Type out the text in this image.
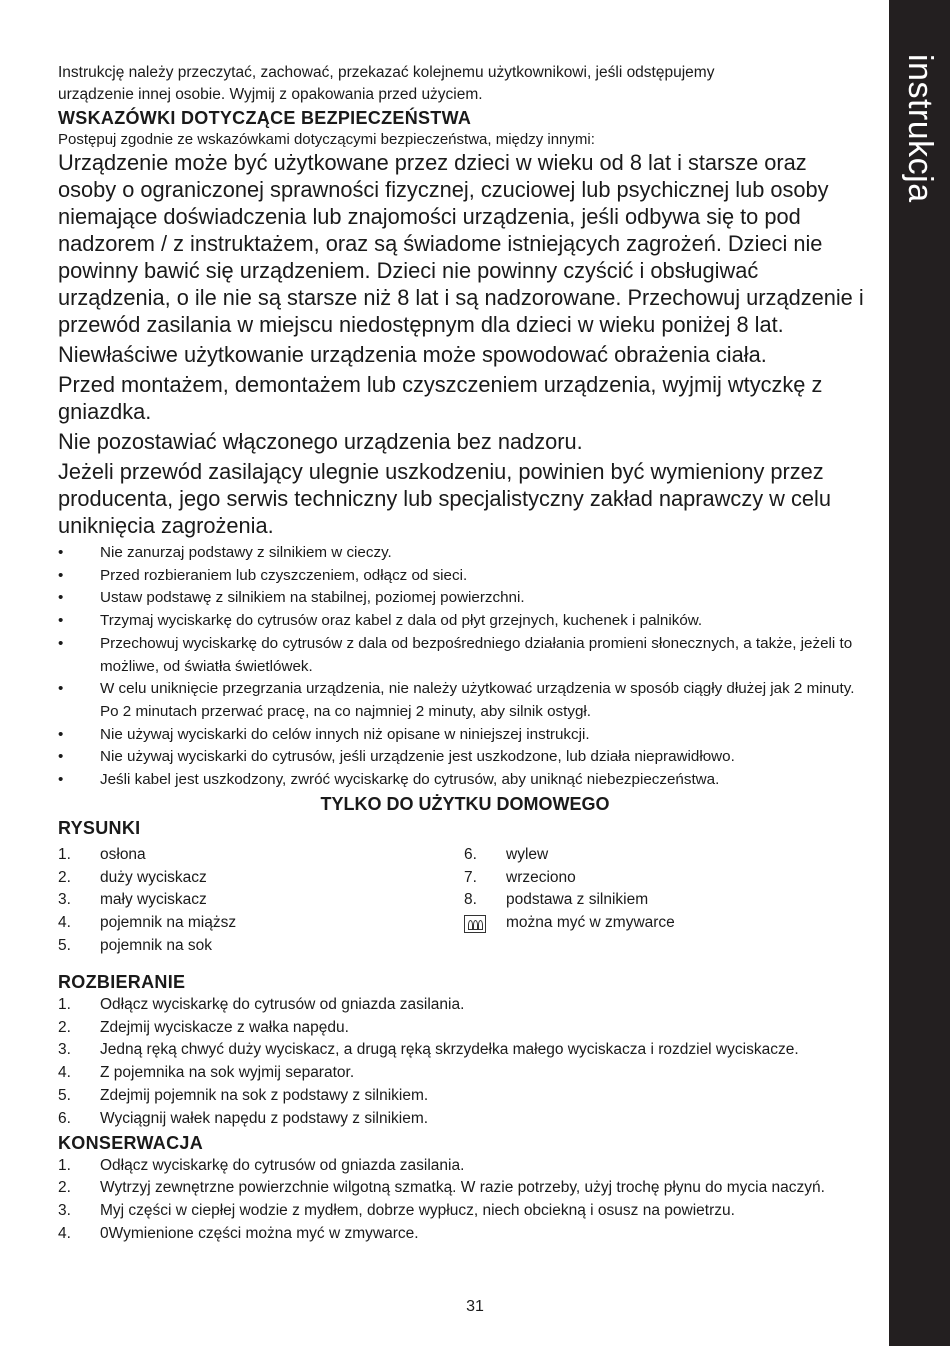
instrukcja

Instrukcję należy przeczytać, zachować, przekazać kolejnemu użytkownikowi, jeśli odstępujemy

urządzenie innej osobie. Wyjmij z opakowania przed użyciem.

WSKAZÓWKI DOTYCZĄCE BEZPIECZEŃSTWA

Postępuj zgodnie ze wskazówkami dotyczącymi bezpieczeństwa, między innymi:

Urządzenie może być użytkowane przez dzieci w wieku od 8 lat i starsze oraz osoby o ograniczonej sprawności fizycznej, czuciowej lub psychicznej lub osoby niemające doświadczenia lub znajomości urządzenia, jeśli odbywa się to pod nadzorem / z instruktażem, oraz są świadome istniejących zagrożeń. Dzieci nie powinny bawić się urządzeniem. Dzieci nie powinny czyścić i obsługiwać urządzenia, o ile nie są starsze niż 8 lat i są nadzorowane. Przechowuj urządzenie i przewód zasilania w miejscu niedostępnym dla dzieci w wieku poniżej 8 lat.

Niewłaściwe użytkowanie urządzenia może spowodować obrażenia ciała.

Przed montażem, demontażem lub czyszczeniem urządzenia, wyjmij wtyczkę z gniazdka.

Nie pozostawiać włączonego urządzenia bez nadzoru.

Jeżeli przewód zasilający ulegnie uszkodzeniu, powinien być wymieniony przez producenta, jego serwis techniczny lub specjalistyczny zakład naprawczy w celu uniknięcia zagrożenia.

• Nie zanurzaj podstawy z silnikiem w cieczy.
• Przed rozbieraniem lub czyszczeniem, odłącz od sieci.
• Ustaw podstawę z silnikiem na stabilnej, poziomej powierzchni.
• Trzymaj wyciskarkę do cytrusów oraz kabel z dala od płyt grzejnych, kuchenek i palników.
• Przechowuj wyciskarkę do cytrusów z dala od bezpośredniego działania promieni słonecznych, a także, jeżeli to możliwe, od światła świetlówek.
• W celu uniknięcie przegrzania urządzenia, nie należy użytkować urządzenia w sposób ciągły dłużej jak 2 minuty. Po 2 minutach przerwać pracę, na co najmniej 2 minuty, aby silnik ostygł.
• Nie używaj wyciskarki do celów innych niż opisane w niniejszej instrukcji.
• Nie używaj wyciskarki do cytrusów, jeśli urządzenie jest uszkodzone, lub działa nieprawidłowo.
• Jeśli kabel jest uszkodzony, zwróć wyciskarkę do cytrusów, aby uniknąć niebezpieczeństwa.

TYLKO DO UŻYTKU DOMOWEGO

RYSUNKI
1.	osłona
2.	duży wyciskacz
3.	mały wyciskacz
4.	pojemnik na miąższ
5.	pojemnik na sok
6.	wylew
7.	wrzeciono
8.	podstawa z silnikiem
można myć w zmywarce
ROZBIERANIE
1.	Odłącz wyciskarkę do cytrusów od gniazda zasilania.
2.	Zdejmij wyciskacze z wałka napędu.
3.	Jedną ręką chwyć duży wyciskacz, a drugą ręką skrzydełka małego wyciskacza i rozdziel wyciskacze.
4.	Z pojemnika na sok wyjmij separator.
5.	Zdejmij pojemnik na sok z podstawy z silnikiem.
6.	Wyciągnij wałek napędu z podstawy z silnikiem.
KONSERWACJA
1.	Odłącz wyciskarkę do cytrusów od gniazda zasilania.
2.	Wytrzyj zewnętrzne powierzchnie wilgotną szmatką. W razie potrzeby, użyj trochę płynu do mycia naczyń.
3.	Myj części w ciepłej wodzie z mydłem, dobrze wypłucz, niech obciekną i osusz na powietrzu.
4.	0Wymienione części można myć w zmywarce.
31
